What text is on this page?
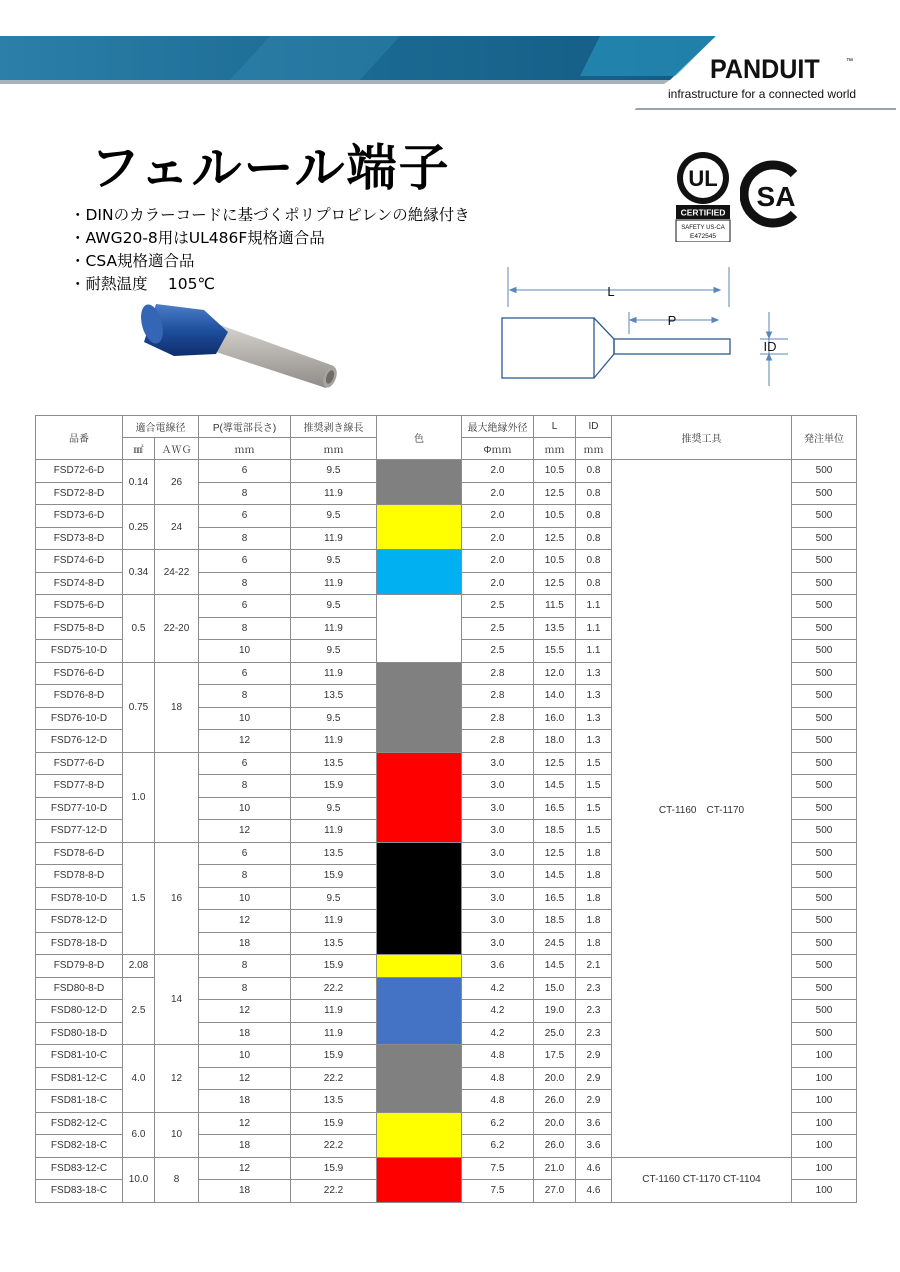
PANDUIT	™
infrastructure for a connected world
フェルール端子
・DINのカラーコードに基づくポリプロピレンの絶縁付き
・AWG20-8用はUL486F規格適合品
・CSA規格適合品
・耐熱温度　 105℃
UL
CERTIFIED
SAFETY US-CA
E472545
SA
L
P
ID
品番	適合電線径		P(導電部長さ)	推奨剥き線長	色	最大絶縁外径	L	ID	推奨工具	発注単位
	㎟	ＡＷＧ	ｍｍ	ｍｍ		Φｍｍ	ｍｍ	ｍｍ		
FSD72-6-D	0.14	26	6	9.5		2.0	10.5	0.8	CT-1160　CT-1170	500
FSD72-8-D			8	11.9		2.0	12.5	0.8		500
FSD73-6-D	0.25	24	6	9.5		2.0	10.5	0.8		500
FSD73-8-D			8	11.9		2.0	12.5	0.8		500
FSD74-6-D	0.34	24-22	6	9.5		2.0	10.5	0.8		500
FSD74-8-D			8	11.9		2.0	12.5	0.8		500
FSD75-6-D	0.5	22-20	6	9.5		2.5	11.5	1.1		500
FSD75-8-D			8	11.9		2.5	13.5	1.1		500
FSD75-10-D			10	9.5		2.5	15.5	1.1		500
FSD76-6-D	0.75	18	6	11.9		2.8	12.0	1.3		500
FSD76-8-D			8	13.5		2.8	14.0	1.3		500
FSD76-10-D			10	9.5		2.8	16.0	1.3		500
FSD76-12-D			12	11.9		2.8	18.0	1.3		500
FSD77-6-D	1.0		6	13.5		3.0	12.5	1.5		500
FSD77-8-D			8	15.9		3.0	14.5	1.5		500
FSD77-10-D			10	9.5		3.0	16.5	1.5		500
FSD77-12-D			12	11.9		3.0	18.5	1.5		500
FSD78-6-D	1.5	16	6	13.5		3.0	12.5	1.8		500
FSD78-8-D			8	15.9		3.0	14.5	1.8		500
FSD78-10-D			10	9.5		3.0	16.5	1.8		500
FSD78-12-D			12	11.9		3.0	18.5	1.8		500
FSD78-18-D			18	13.5		3.0	24.5	1.8		500
FSD79-8-D	2.08	14	8	15.9		3.6	14.5	2.1		500
FSD80-8-D	2.5		8	22.2		4.2	15.0	2.3		500
FSD80-12-D			12	11.9		4.2	19.0	2.3		500
FSD80-18-D			18	11.9		4.2	25.0	2.3		500
FSD81-10-C	4.0	12	10	15.9		4.8	17.5	2.9		100
FSD81-12-C			12	22.2		4.8	20.0	2.9		100
FSD81-18-C			18	13.5		4.8	26.0	2.9		100
FSD82-12-C	6.0	10	12	15.9		6.2	20.0	3.6		100
FSD82-18-C			18	22.2		6.2	26.0	3.6		100
FSD83-12-C	10.0	8	12	15.9		7.5	21.0	4.6	CT-1160 CT-1170 CT-1104	100
FSD83-18-C			18	22.2		7.5	27.0	4.6		100
